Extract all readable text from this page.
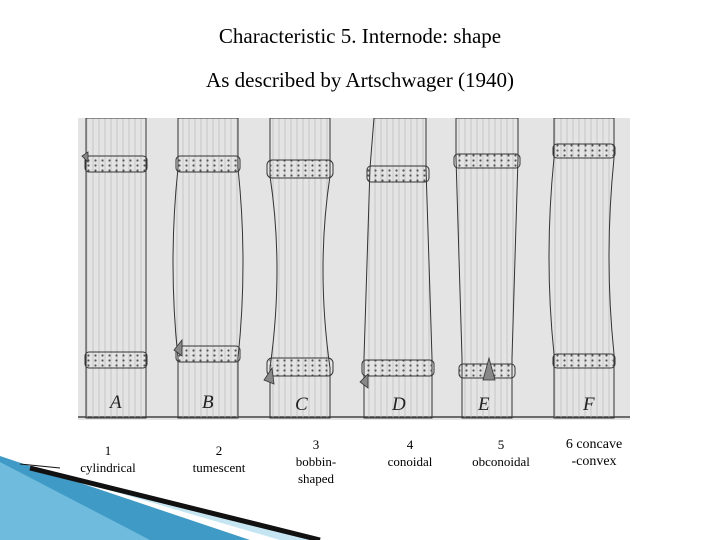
Characteristic 5. Internode: shape
As described by Artschwager (1940)
A	B	C	D	E	F
1
cylindrical
2
tumescent
3
bobbin-
shaped
4
conoidal
5
obconoidal
6 concave
-convex
